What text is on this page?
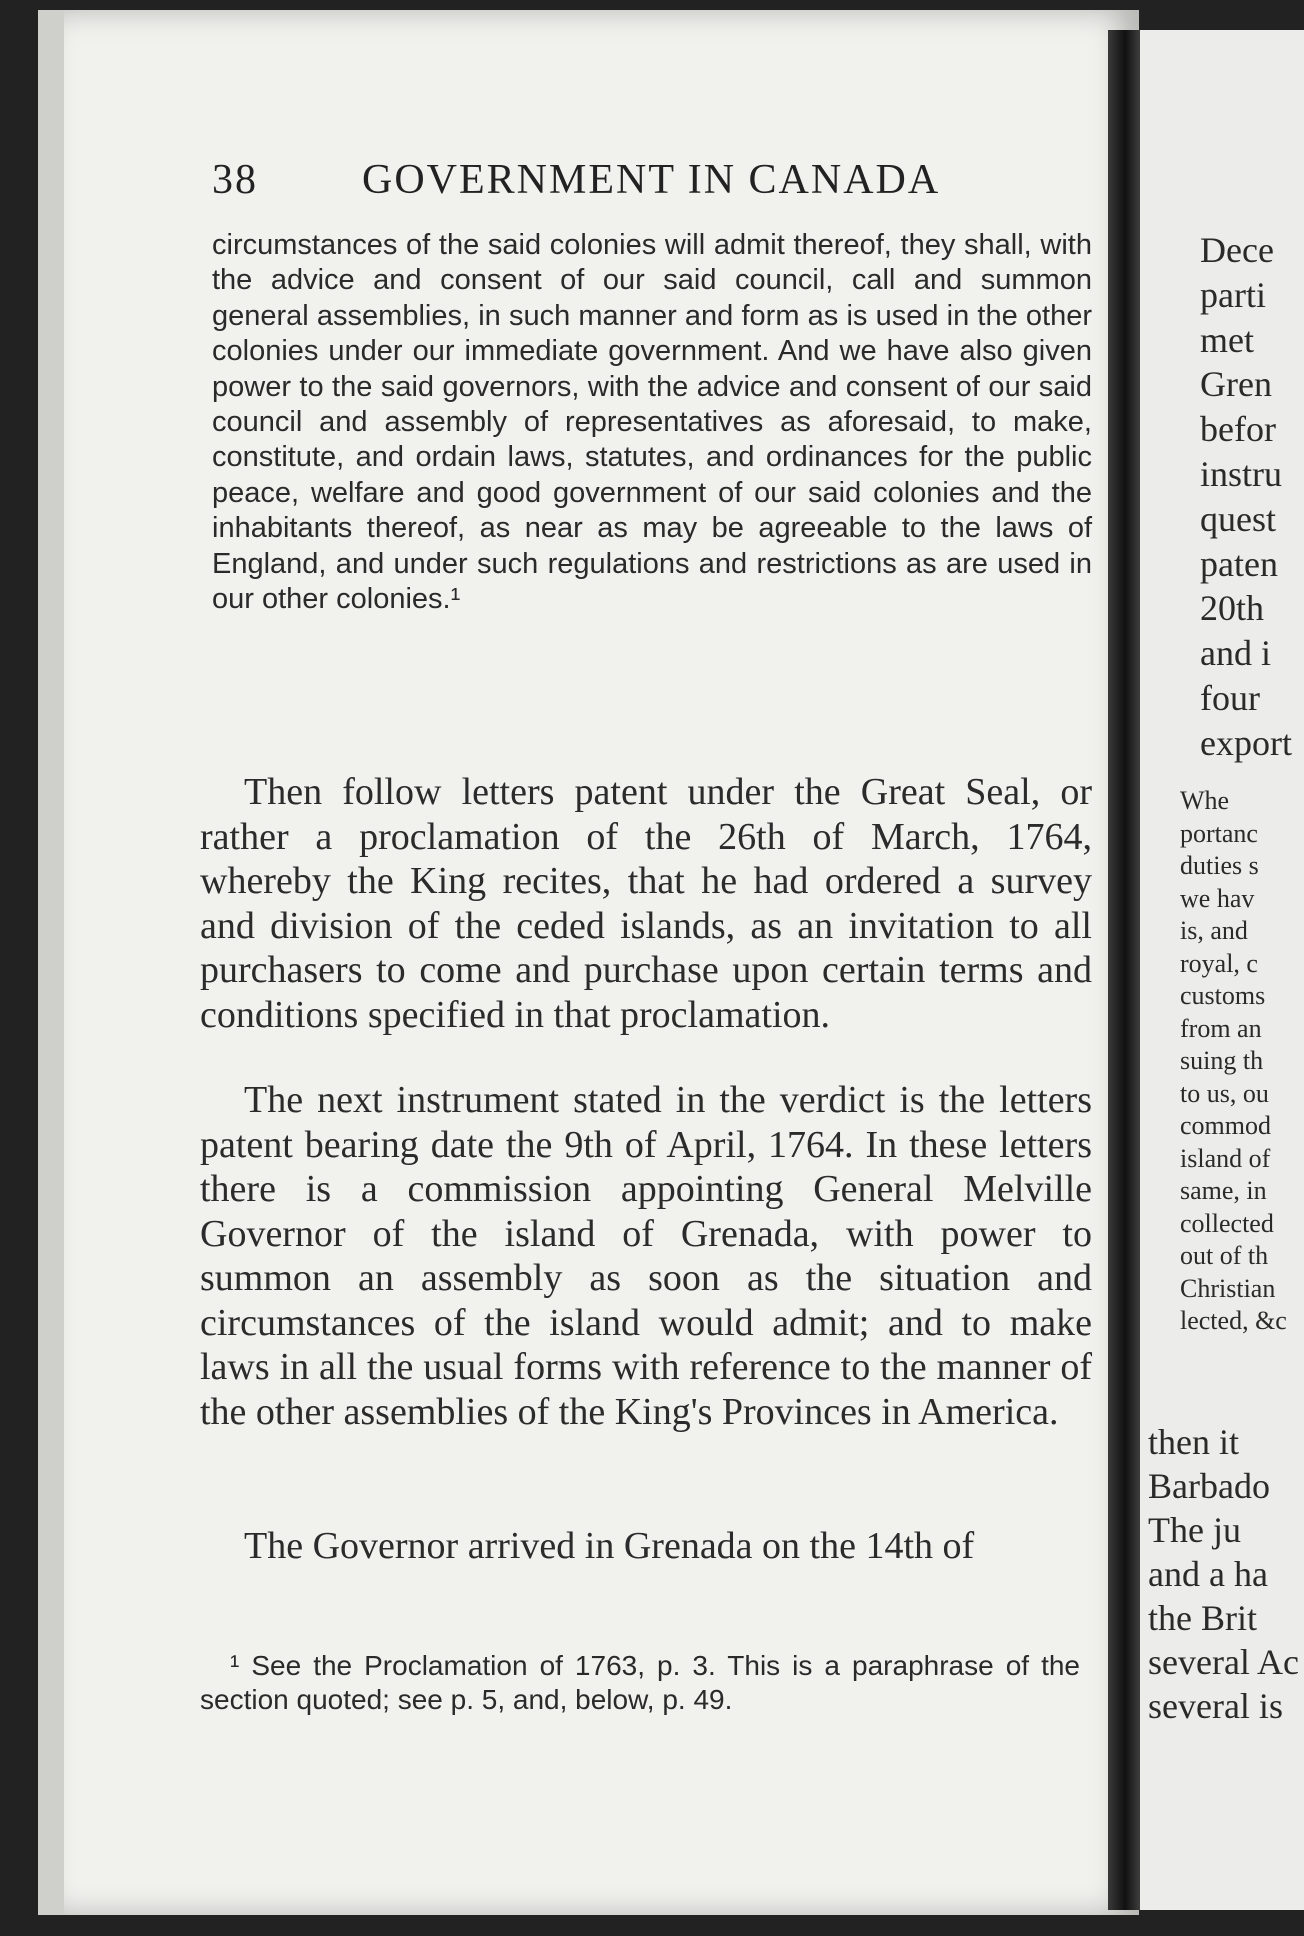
38 GOVERNMENT IN CANADA

circumstances of the said colonies will admit thereof, they shall, with the advice and consent of our said council, call and summon general assemblies, in such manner and form as is used in the other colonies under our immediate government. And we have also given power to the said governors, with the advice and consent of our said council and assembly of representatives as aforesaid, to make, constitute, and ordain laws, statutes, and ordinances for the public peace, welfare and good government of our said colonies and the inhabitants thereof, as near as may be agreeable to the laws of England, and under such regulations and restrictions as are used in our other colonies.¹

Then follow letters patent under the Great Seal, or rather a proclamation of the 26th of March, 1764, whereby the King recites, that he had ordered a survey and division of the ceded islands, as an invitation to all purchasers to come and purchase upon certain terms and conditions specified in that proclamation.

The next instrument stated in the verdict is the letters patent bearing date the 9th of April, 1764. In these letters there is a commission appointing General Melville Governor of the island of Grenada, with power to summon an assembly as soon as the situation and circumstances of the island would admit; and to make laws in all the usual forms with reference to the manner of the other assemblies of the King's Provinces in America.

The Governor arrived in Grenada on the 14th of

¹ See the Proclamation of 1763, p. 3. This is a paraphrase of the section quoted; see p. 5, and, below, p. 49.

Dece
parti
met
Gren
befor
instru
quest
paten
20th
and i
four
export
Whe
portanc
duties s
we hav
is, and
royal, c
customs
from an
suing th
to us, ou
commod
island of
same, in
collected
out of th
Christian
lected, &c
then it
Barbado
The ju
and a ha
the Brit
several Ac
several is
